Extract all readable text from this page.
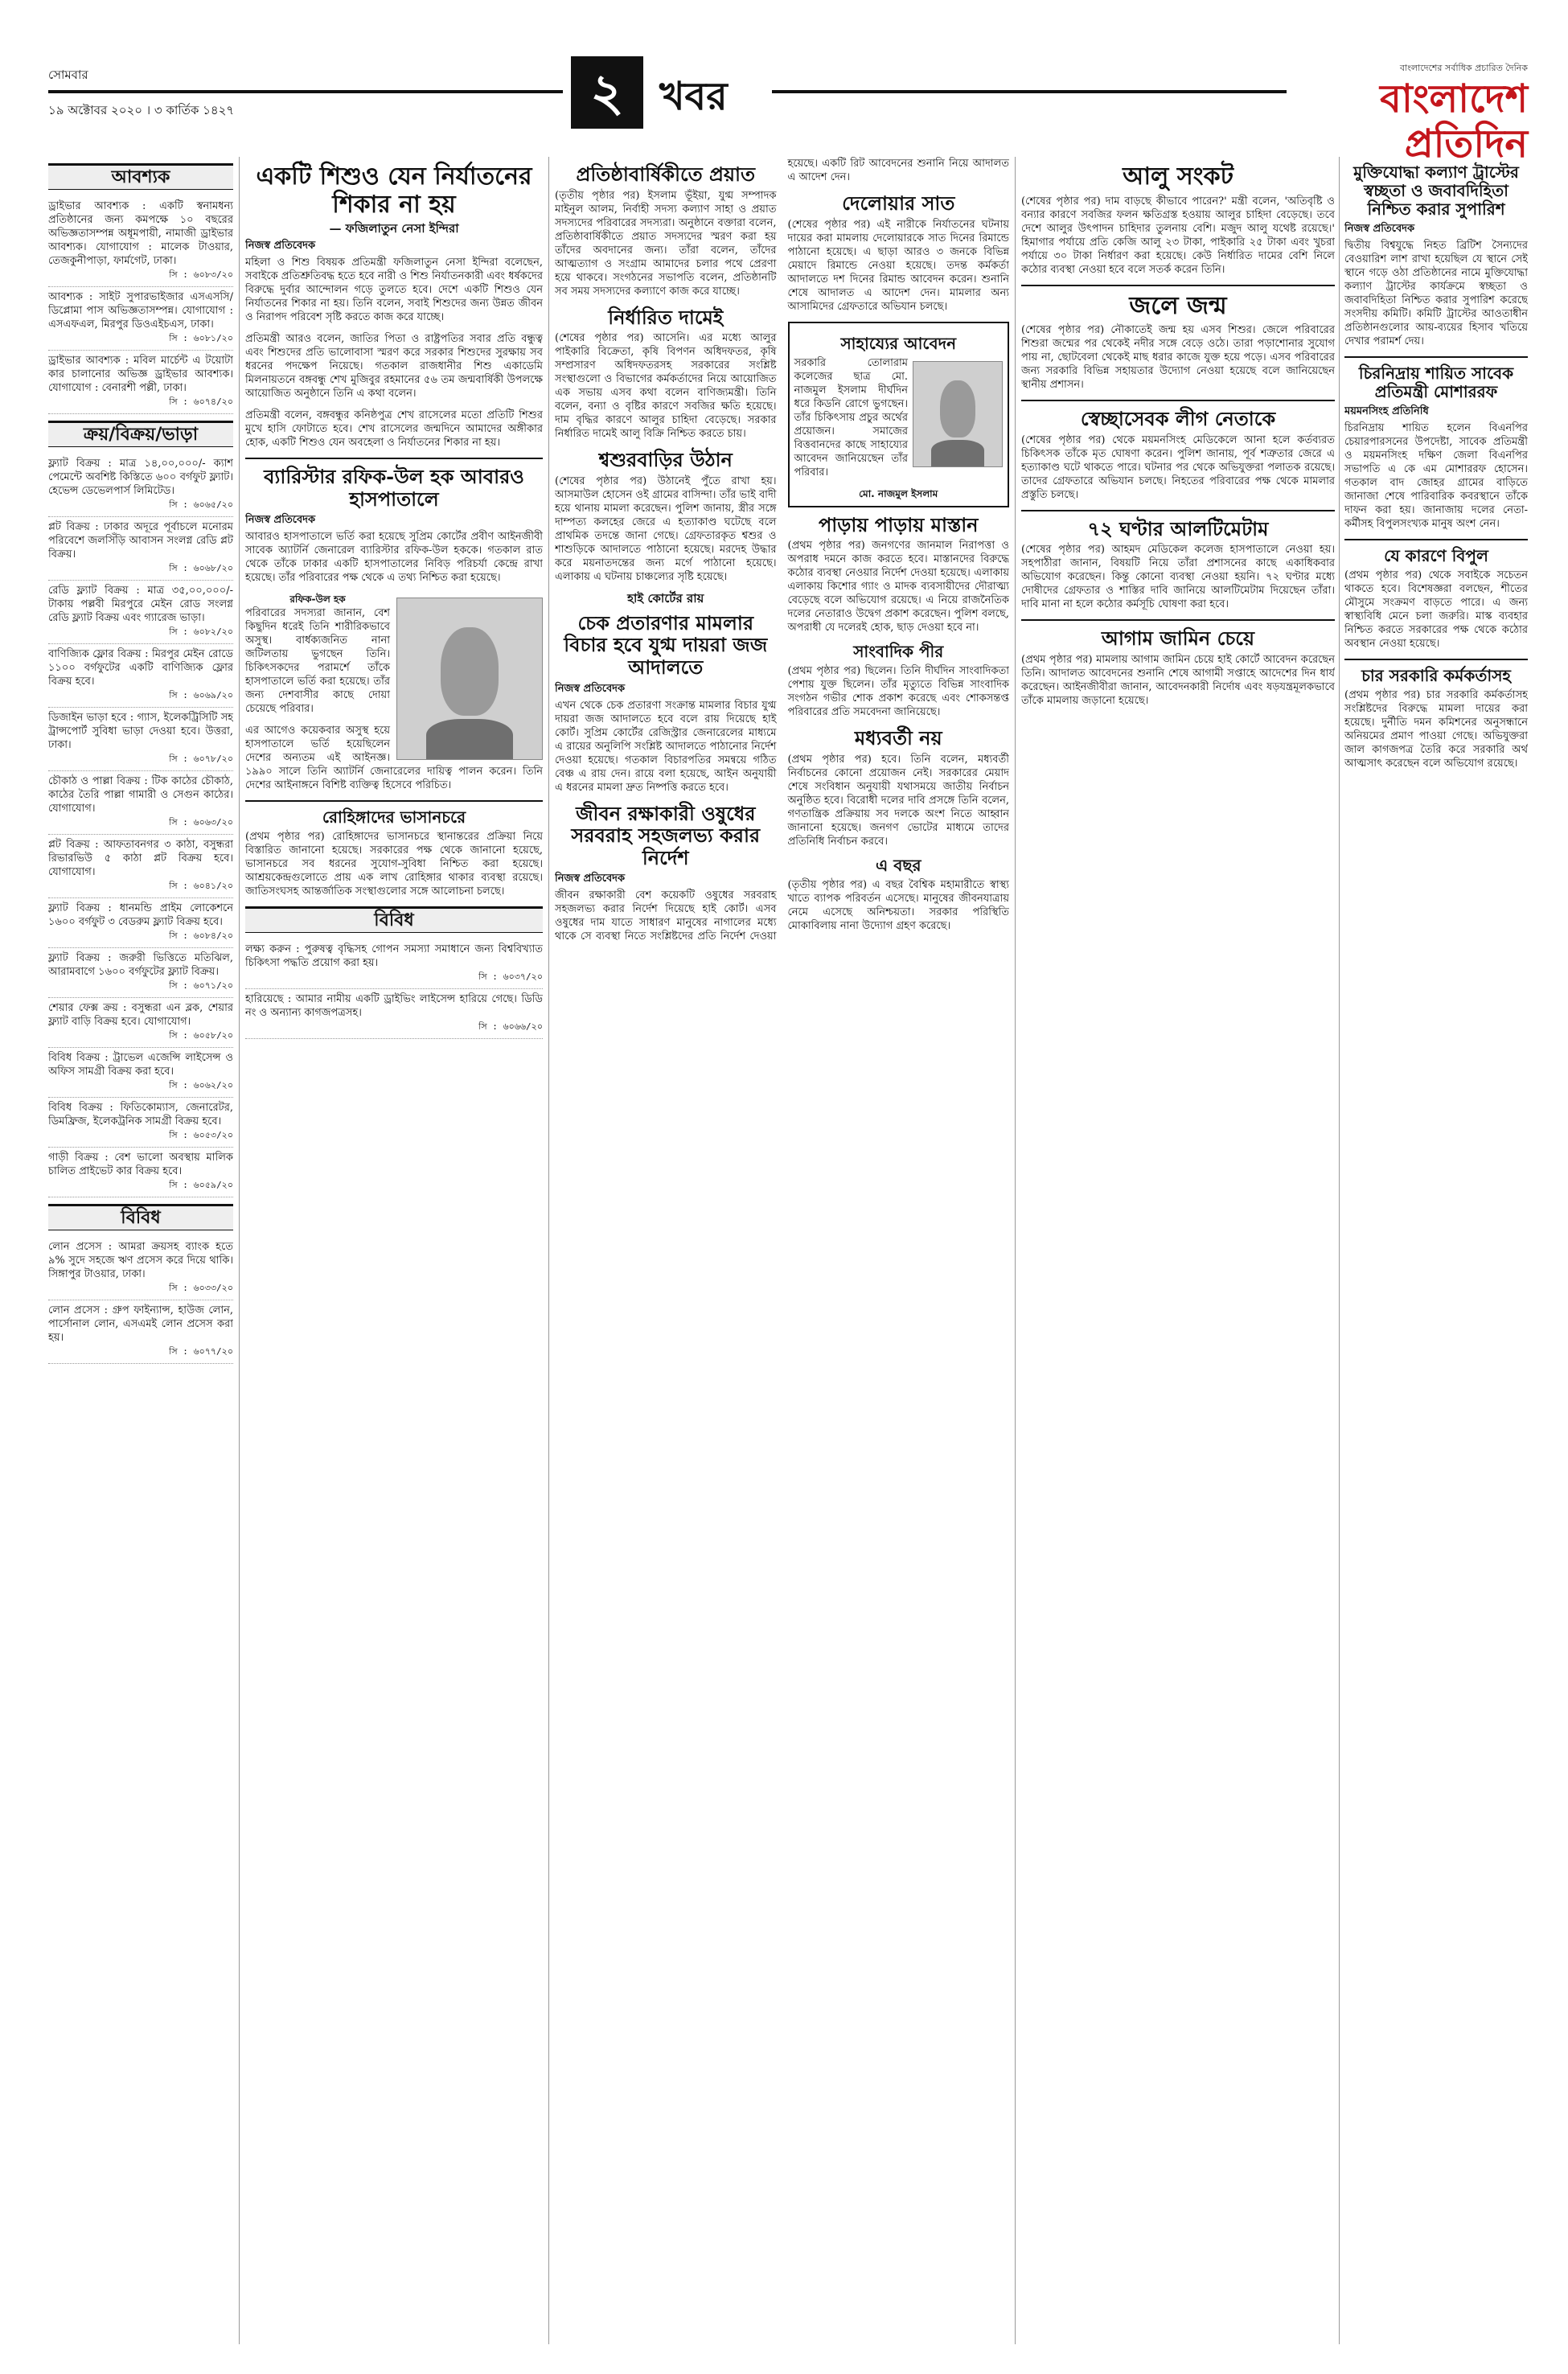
সোমবার
১৯ অক্টোবর ২০২০ । ৩ কার্তিক ১৪২৭	২ খবর
বাংলাদেশের সর্বাধিক প্রচারিত দৈনিক
বাংলাদেশ প্রতিদিন
আবশ্যক
ড্রাইভার আবশ্যক : একটি স্বনামধন্য প্রতিষ্ঠানের জন্য কমপক্ষে ১০ বছরের অভিজ্ঞতাসম্পন্ন অধূমপায়ী, নামাজী ড্রাইভার আবশ্যক। যোগাযোগ : মালেক টাওয়ার, তেজকুনীপাড়া, ফার্মগেট, ঢাকা।
সি : ৬০৮৩/২০
আবশ্যক : সাইট সুপারভাইজার এসএসসি/ডিপ্লোমা পাস অভিজ্ঞতাসম্পন্ন। যোগাযোগ : এসএফএল, মিরপুর ডিওএইচএস, ঢাকা।
সি : ৬০৮১/২০
ড্রাইভার আবশ্যক : মবিল মার্চেন্ট এ টয়োটা কার চালানোর অভিজ্ঞ ড্রাইভার আবশ্যক। যোগাযোগ : বেনারশী পল্লী, ঢাকা।
সি : ৬০৭৪/২০
ক্রয়/বিক্রয়/ভাড়া
ফ্ল্যাট বিক্রয় : মাত্র ১৪,০০,০০০/- ক্যাশ পেমেন্টে অবশিষ্ট কিস্তিতে ৬০০ বর্গফুট ফ্ল্যাট। হেভেন্স ডেভেলপার্স লিমিটেড।
সি : ৬০৬৫/২০
প্লট বিক্রয় : ঢাকার অদূরে পূর্বাচলে মনোরম পরিবেশে জলসিঁড়ি আবাসন সংলগ্ন রেডি প্লট বিক্রয়।
সি : ৬০৬৮/২০
রেডি ফ্ল্যাট বিক্রয় : মাত্র ৩৫,০০,০০০/- টাকায় পল্লবী মিরপুরে মেইন রোড সংলগ্ন রেডি ফ্ল্যাট বিক্রয় এবং গ্যারেজ ভাড়া।
সি : ৬০৮২/২০
বাণিজ্যিক ফ্লোর বিক্রয় : মিরপুর মেইন রোডে ১১০০ বর্গফুটের একটি বাণিজ্যিক ফ্লোর বিক্রয় হবে।
সি : ৬০৬৯/২০
ডিজাইন ভাড়া হবে : গ্যাস, ইলেকট্রিসিটি সহ ট্রান্সপোর্ট সুবিধা ভাড়া দেওয়া হবে। উত্তরা, ঢাকা।
সি : ৬০৭৮/২০
চৌকাঠ ও পাল্লা বিক্রয় : টিক কাঠের চৌকাঠ, কাঠের তৈরি পাল্লা গামারী ও সেগুন কাঠের। যোগাযোগ।
সি : ৬০৬৩/২০
প্লট বিক্রয় : আফতাবনগর ৩ কাঠা, বসুন্ধরা রিভারভিউ ৫ কাঠা প্লট বিক্রয় হবে। যোগাযোগ।
সি : ৬০৪১/২০
ফ্ল্যাট বিক্রয় : ধানমন্ডি প্রাইম লোকেশনে ১৬০০ বর্গফুট ৩ বেডরুম ফ্ল্যাট বিক্রয় হবে।
সি : ৬০৮৪/২০
ফ্ল্যাট বিক্রয় : জরুরী ভিত্তিতে মতিঝিল, আরামবাগে ১৬০০ বর্গফুটের ফ্ল্যাট বিক্রয়।
সি : ৬০৭১/২০
শেয়ার ফেক্স ক্রয় : বসুন্ধরা এন ব্লক, শেয়ার ফ্ল্যাট বাড়ি বিক্রয় হবে। যোগাযোগ।
সি : ৬০৫৮/২০
বিবিধ বিক্রয় : ট্রাভেল এজেন্সি লাইসেন্স ও অফিস সামগ্রী বিক্রয় করা হবে।
সি : ৬০৬২/২০
বিবিধ বিক্রয় : ফিতিকোম্যাস, জেনারেটর, ডিমফ্রিজ, ইলেকট্রনিক সামগ্রী বিক্রয় হবে।
সি : ৬০৫৩/২০
গাড়ী বিক্রয় : বেশ ভালো অবস্থায় মালিক চালিত প্রাইভেট কার বিক্রয় হবে।
সি : ৬০৫৯/২০
বিবিধ
লোন প্রসেস : আমরা ক্রয়সহ ব্যাংক হতে ৯% সুদে সহজে ঋণ প্রসেস করে দিয়ে থাকি। সিঙ্গাপুর টাওয়ার, ঢাকা।
সি : ৬০৩৩/২০
লোন প্রসেস : গ্রুপ ফাইন্যান্স, হাউজ লোন, পার্সোনাল লোন, এসএমই লোন প্রসেস করা হয়।
সি : ৬০৭৭/২০
একটি শিশুও যেন নির্যাতনের শিকার না হয়
— ফজিলাতুন নেসা ইন্দিরা
নিজস্ব প্রতিবেদক

মহিলা ও শিশু বিষয়ক প্রতিমন্ত্রী ফজিলাতুন নেসা ইন্দিরা বলেছেন, সবাইকে প্রতিশ্রুতিবদ্ধ হতে হবে নারী ও শিশু নির্যাতনকারী এবং ধর্ষকদের বিরুদ্ধে দুর্বার আন্দোলন গড়ে তুলতে হবে। দেশে একটি শিশুও যেন নির্যাতনের শিকার না হয়। তিনি বলেন, সবাই শিশুদের জন্য উন্নত জীবন ও নিরাপদ পরিবেশ সৃষ্টি করতে কাজ করে যাচ্ছে।

প্রতিমন্ত্রী আরও বলেন, জাতির পিতা ও রাষ্ট্রপতির সবার প্রতি বন্ধুত্ব এবং শিশুদের প্রতি ভালোবাসা স্মরণ করে সরকার শিশুদের সুরক্ষায় সব ধরনের পদক্ষেপ নিয়েছে। গতকাল রাজধানীর শিশু একাডেমি মিলনায়তনে বঙ্গবন্ধু শেখ মুজিবুর রহমানের ৫৬ তম জন্মবার্ষিকী উপলক্ষে আয়োজিত অনুষ্ঠানে তিনি এ কথা বলেন।

প্রতিমন্ত্রী বলেন, বঙ্গবন্ধুর কনিষ্ঠপুত্র শেখ রাসেলের মতো প্রতিটি শিশুর মুখে হাসি ফোটাতে হবে। শেখ রাসেলের জন্মদিনে আমাদের অঙ্গীকার হোক, একটি শিশুও যেন অবহেলা ও নির্যাতনের শিকার না হয়।

ব্যারিস্টার রফিক-উল হক আবারও হাসপাতালে
নিজস্ব প্রতিবেদক

আবারও হাসপাতালে ভর্তি করা হয়েছে সুপ্রিম কোর্টের প্রবীণ আইনজীবী সাবেক অ্যাটর্নি জেনারেল ব্যারিস্টার রফিক-উল হককে। গতকাল রাত থেকে তাঁকে ঢাকার একটি হাসপাতালের নিবিড় পরিচর্যা কেন্দ্রে রাখা হয়েছে। তাঁর পরিবারের পক্ষ থেকে এ তথ্য নিশ্চিত করা হয়েছে।

রফিক-উল হক

পরিবারের সদস্যরা জানান, বেশ কিছুদিন ধরেই তিনি শারীরিকভাবে অসুস্থ। বার্ধক্যজনিত নানা জটিলতায় ভুগছেন তিনি। চিকিৎসকদের পরামর্শে তাঁকে হাসপাতালে ভর্তি করা হয়েছে। তাঁর জন্য দেশবাসীর কাছে দোয়া চেয়েছে পরিবার।

এর আগেও কয়েকবার অসুস্থ হয়ে হাসপাতালে ভর্তি হয়েছিলেন দেশের অন্যতম এই আইনজ্ঞ। ১৯৯০ সালে তিনি অ্যাটর্নি জেনারেলের দায়িত্ব পালন করেন। তিনি দেশের আইনাঙ্গনে বিশিষ্ট ব্যক্তিত্ব হিসেবে পরিচিত।

রোহিঙ্গাদের ভাসানচরে

(প্রথম পৃষ্ঠার পর) রোহিঙ্গাদের ভাসানচরে স্থানান্তরের প্রক্রিয়া নিয়ে বিস্তারিত জানানো হয়েছে। সরকারের পক্ষ থেকে জানানো হয়েছে, ভাসানচরে সব ধরনের সুযোগ-সুবিধা নিশ্চিত করা হয়েছে। আশ্রয়কেন্দ্রগুলোতে প্রায় এক লাখ রোহিঙ্গার থাকার ব্যবস্থা রয়েছে। জাতিসংঘসহ আন্তর্জাতিক সংস্থাগুলোর সঙ্গে আলোচনা চলছে।

বিবিধ
লক্ষ্য করুন : পুরুষত্ব বৃদ্ধিসহ গোপন সমস্যা সমাধানে জন্য বিশ্ববিখ্যাত চিকিৎসা পদ্ধতি প্রয়োগ করা হয়।
সি : ৬০৩৭/২০
হারিয়েছে : আমার নামীয় একটি ড্রাইভিং লাইসেন্স হারিয়ে গেছে। ডিডি নং ও অন্যান্য কাগজপত্রসহ।
সি : ৬০৬৬/২০
প্রতিষ্ঠাবার্ষিকীতে প্রয়াত

(তৃতীয় পৃষ্ঠার পর) ইসলাম ভূঁইয়া, যুগ্ম সম্পাদক মাইনুল আলম, নির্বাহী সদস্য কল্যাণ সাহা ও প্রয়াত সদস্যদের পরিবারের সদস্যরা। অনুষ্ঠানে বক্তারা বলেন, প্রতিষ্ঠাবার্ষিকীতে প্রয়াত সদস্যদের স্মরণ করা হয় তাঁদের অবদানের জন্য। তাঁরা বলেন, তাঁদের আত্মত্যাগ ও সংগ্রাম আমাদের চলার পথে প্রেরণা হয়ে থাকবে। সংগঠনের সভাপতি বলেন, প্রতিষ্ঠানটি সব সময় সদস্যদের কল্যাণে কাজ করে যাচ্ছে।

নির্ধারিত দামেই

(শেষের পৃষ্ঠার পর) আসেনি। এর মধ্যে আলুর পাইকারি বিক্রেতা, কৃষি বিপণন অধিদফতর, কৃষি সম্প্রসারণ অধিদফতরসহ সরকারের সংশ্লিষ্ট সংস্থাগুলো ও বিভাগের কর্মকর্তাদের নিয়ে আয়োজিত এক সভায় এসব কথা বলেন বাণিজ্যমন্ত্রী। তিনি বলেন, বন্যা ও বৃষ্টির কারণে সবজির ক্ষতি হয়েছে। দাম বৃদ্ধির কারণে আলুর চাহিদা বেড়েছে। সরকার নির্ধারিত দামেই আলু বিক্রি নিশ্চিত করতে চায়।

শ্বশুরবাড়ির উঠান

(শেষের পৃষ্ঠার পর) উঠানেই পুঁতে রাখা হয়। আসমাউল হোসেন ওই গ্রামের বাসিন্দা। তাঁর ভাই বাদী হয়ে থানায় মামলা করেছেন। পুলিশ জানায়, স্ত্রীর সঙ্গে দাম্পত্য কলহের জেরে এ হত্যাকাণ্ড ঘটেছে বলে প্রাথমিক তদন্তে জানা গেছে। গ্রেফতারকৃত শ্বশুর ও শাশুড়িকে আদালতে পাঠানো হয়েছে। মরদেহ উদ্ধার করে ময়নাতদন্তের জন্য মর্গে পাঠানো হয়েছে। এলাকায় এ ঘটনায় চাঞ্চল্যের সৃষ্টি হয়েছে।

হাই কোর্টের রায়
চেক প্রতারণার মামলার বিচার হবে যুগ্ম দায়রা জজ আদালতে
নিজস্ব প্রতিবেদক

এখন থেকে চেক প্রতারণা সংক্রান্ত মামলার বিচার যুগ্ম দায়রা জজ আদালতে হবে বলে রায় দিয়েছে হাই কোর্ট। সুপ্রিম কোর্টের রেজিস্ট্রার জেনারেলের মাধ্যমে এ রায়ের অনুলিপি সংশ্লিষ্ট আদালতে পাঠানোর নির্দেশ দেওয়া হয়েছে। গতকাল বিচারপতির সমন্বয়ে গঠিত বেঞ্চ এ রায় দেন। রায়ে বলা হয়েছে, আইন অনুযায়ী এ ধরনের মামলা দ্রুত নিষ্পত্তি করতে হবে।

জীবন রক্ষাকারী ওষুধের সরবরাহ সহজলভ্য করার নির্দেশ
নিজস্ব প্রতিবেদক

জীবন রক্ষাকারী বেশ কয়েকটি ওষুধের সরবরাহ সহজলভ্য করার নির্দেশ দিয়েছে হাই কোর্ট। এসব ওষুধের দাম যাতে সাধারণ মানুষের নাগালের মধ্যে থাকে সে ব্যবস্থা নিতে সংশ্লিষ্টদের প্রতি নির্দেশ দেওয়া হয়েছে। একটি রিট আবেদনের শুনানি নিয়ে আদালত এ আদেশ দেন।

দেলোয়ার সাত

(শেষের পৃষ্ঠার পর) এই নারীকে নির্যাতনের ঘটনায় দায়ের করা মামলায় দেলোয়ারকে সাত দিনের রিমান্ডে পাঠানো হয়েছে। এ ছাড়া আরও ৩ জনকে বিভিন্ন মেয়াদে রিমান্ডে নেওয়া হয়েছে। তদন্ত কর্মকর্তা আদালতে দশ দিনের রিমান্ড আবেদন করেন। শুনানি শেষে আদালত এ আদেশ দেন। মামলার অন্য আসামিদের গ্রেফতারে অভিযান চলছে।

সাহায্যের আবেদন

সরকারি তোলারাম কলেজের ছাত্র মো. নাজমুল ইসলাম দীর্ঘদিন ধরে কিডনি রোগে ভুগছেন। তাঁর চিকিৎসায় প্রচুর অর্থের প্রয়োজন। সমাজের বিত্তবানদের কাছে সাহায্যের আবেদন জানিয়েছেন তাঁর পরিবার।

মো. নাজমুল ইসলাম
পাড়ায় পাড়ায় মাস্তান

(প্রথম পৃষ্ঠার পর) জনগণের জানমাল নিরাপত্তা ও অপরাধ দমনে কাজ করতে হবে। মাস্তানদের বিরুদ্ধে কঠোর ব্যবস্থা নেওয়ার নির্দেশ দেওয়া হয়েছে। এলাকায় এলাকায় কিশোর গ্যাং ও মাদক ব্যবসায়ীদের দৌরাত্ম্য বেড়েছে বলে অভিযোগ রয়েছে। এ নিয়ে রাজনৈতিক দলের নেতারাও উদ্বেগ প্রকাশ করেছেন। পুলিশ বলছে, অপরাধী যে দলেরই হোক, ছাড় দেওয়া হবে না।

সাংবাদিক পীর

(প্রথম পৃষ্ঠার পর) ছিলেন। তিনি দীর্ঘদিন সাংবাদিকতা পেশায় যুক্ত ছিলেন। তাঁর মৃত্যুতে বিভিন্ন সাংবাদিক সংগঠন গভীর শোক প্রকাশ করেছে এবং শোকসন্তপ্ত পরিবারের প্রতি সমবেদনা জানিয়েছে।

মধ্যবর্তী নয়

(প্রথম পৃষ্ঠার পর) হবে। তিনি বলেন, মধ্যবর্তী নির্বাচনের কোনো প্রয়োজন নেই। সরকারের মেয়াদ শেষে সংবিধান অনুযায়ী যথাসময়ে জাতীয় নির্বাচন অনুষ্ঠিত হবে। বিরোধী দলের দাবি প্রসঙ্গে তিনি বলেন, গণতান্ত্রিক প্রক্রিয়ায় সব দলকে অংশ নিতে আহ্বান জানানো হয়েছে। জনগণ ভোটের মাধ্যমে তাদের প্রতিনিধি নির্বাচন করবে।

এ বছর

(তৃতীয় পৃষ্ঠার পর) এ বছর বৈশ্বিক মহামারীতে স্বাস্থ্য খাতে ব্যাপক পরিবর্তন এসেছে। মানুষের জীবনযাত্রায় নেমে এসেছে অনিশ্চয়তা। সরকার পরিস্থিতি মোকাবিলায় নানা উদ্যোগ গ্রহণ করেছে।

আলু সংকট

(শেষের পৃষ্ঠার পর) দাম বাড়ছে কীভাবে পারেন?' মন্ত্রী বলেন, 'অতিবৃষ্টি ও বন্যার কারণে সবজির ফলন ক্ষতিগ্রস্ত হওয়ায় আলুর চাহিদা বেড়েছে। তবে দেশে আলুর উৎপাদন চাহিদার তুলনায় বেশি। মজুদ আলু যথেষ্ট রয়েছে।' হিমাগার পর্যায়ে প্রতি কেজি আলু ২৩ টাকা, পাইকারি ২৫ টাকা এবং খুচরা পর্যায়ে ৩০ টাকা নির্ধারণ করা হয়েছে। কেউ নির্ধারিত দামের বেশি নিলে কঠোর ব্যবস্থা নেওয়া হবে বলে সতর্ক করেন তিনি।

জলে জন্ম

(শেষের পৃষ্ঠার পর) নৌকাতেই জন্ম হয় এসব শিশুর। জেলে পরিবারের শিশুরা জন্মের পর থেকেই নদীর সঙ্গে বেড়ে ওঠে। তারা পড়াশোনার সুযোগ পায় না, ছোটবেলা থেকেই মাছ ধরার কাজে যুক্ত হয়ে পড়ে। এসব পরিবারের জন্য সরকারি বিভিন্ন সহায়তার উদ্যোগ নেওয়া হয়েছে বলে জানিয়েছেন স্থানীয় প্রশাসন।

স্বেচ্ছাসেবক লীগ নেতাকে

(শেষের পৃষ্ঠার পর) থেকে ময়মনসিংহ মেডিকেলে আনা হলে কর্তব্যরত চিকিৎসক তাঁকে মৃত ঘোষণা করেন। পুলিশ জানায়, পূর্ব শত্রুতার জেরে এ হত্যাকাণ্ড ঘটে থাকতে পারে। ঘটনার পর থেকে অভিযুক্তরা পলাতক রয়েছে। তাদের গ্রেফতারে অভিযান চলছে। নিহতের পরিবারের পক্ষ থেকে মামলার প্রস্তুতি চলছে।

৭২ ঘণ্টার আলটিমেটাম

(শেষের পৃষ্ঠার পর) আহমদ মেডিকেল কলেজ হাসপাতালে নেওয়া হয়। সহপাঠীরা জানান, বিষয়টি নিয়ে তাঁরা প্রশাসনের কাছে একাধিকবার অভিযোগ করেছেন। কিন্তু কোনো ব্যবস্থা নেওয়া হয়নি। ৭২ ঘণ্টার মধ্যে দোষীদের গ্রেফতার ও শাস্তির দাবি জানিয়ে আলটিমেটাম দিয়েছেন তাঁরা। দাবি মানা না হলে কঠোর কর্মসূচি ঘোষণা করা হবে।

আগাম জামিন চেয়ে

(প্রথম পৃষ্ঠার পর) মামলায় আগাম জামিন চেয়ে হাই কোর্টে আবেদন করেছেন তিনি। আদালত আবেদনের শুনানি শেষে আগামী সপ্তাহে আদেশের দিন ধার্য করেছেন। আইনজীবীরা জানান, আবেদনকারী নির্দোষ এবং ষড়যন্ত্রমূলকভাবে তাঁকে মামলায় জড়ানো হয়েছে।

মুক্তিযোদ্ধা কল্যাণ ট্রাস্টের স্বচ্ছতা ও জবাবদিহিতা নিশ্চিত করার সুপারিশ
নিজস্ব প্রতিবেদক

দ্বিতীয় বিশ্বযুদ্ধে নিহত ব্রিটিশ সৈন্যদের বেওয়ারিশ লাশ রাখা হয়েছিল যে স্থানে সেই স্থানে গড়ে ওঠা প্রতিষ্ঠানের নামে মুক্তিযোদ্ধা কল্যাণ ট্রাস্টের কার্যক্রমে স্বচ্ছতা ও জবাবদিহিতা নিশ্চিত করার সুপারিশ করেছে সংসদীয় কমিটি। কমিটি ট্রাস্টের আওতাধীন প্রতিষ্ঠানগুলোর আয়-ব্যয়ের হিসাব খতিয়ে দেখার পরামর্শ দেয়।

চিরনিদ্রায় শায়িত সাবেক প্রতিমন্ত্রী মোশাররফ
ময়মনসিংহ প্রতিনিধি

চিরনিদ্রায় শায়িত হলেন বিএনপির চেয়ারপারসনের উপদেষ্টা, সাবেক প্রতিমন্ত্রী ও ময়মনসিংহ দক্ষিণ জেলা বিএনপির সভাপতি এ কে এম মোশাররফ হোসেন। গতকাল বাদ জোহর গ্রামের বাড়িতে জানাজা শেষে পারিবারিক কবরস্থানে তাঁকে দাফন করা হয়। জানাজায় দলের নেতা-কর্মীসহ বিপুলসংখ্যক মানুষ অংশ নেন।

যে কারণে বিপুল

(প্রথম পৃষ্ঠার পর) থেকে সবাইকে সচেতন থাকতে হবে। বিশেষজ্ঞরা বলছেন, শীতের মৌসুমে সংক্রমণ বাড়তে পারে। এ জন্য স্বাস্থ্যবিধি মেনে চলা জরুরি। মাস্ক ব্যবহার নিশ্চিত করতে সরকারের পক্ষ থেকে কঠোর অবস্থান নেওয়া হয়েছে।

চার সরকারি কর্মকর্তাসহ

(প্রথম পৃষ্ঠার পর) চার সরকারি কর্মকর্তাসহ সংশ্লিষ্টদের বিরুদ্ধে মামলা দায়ের করা হয়েছে। দুর্নীতি দমন কমিশনের অনুসন্ধানে অনিয়মের প্রমাণ পাওয়া গেছে। অভিযুক্তরা জাল কাগজপত্র তৈরি করে সরকারি অর্থ আত্মসাৎ করেছেন বলে অভিযোগ রয়েছে।
